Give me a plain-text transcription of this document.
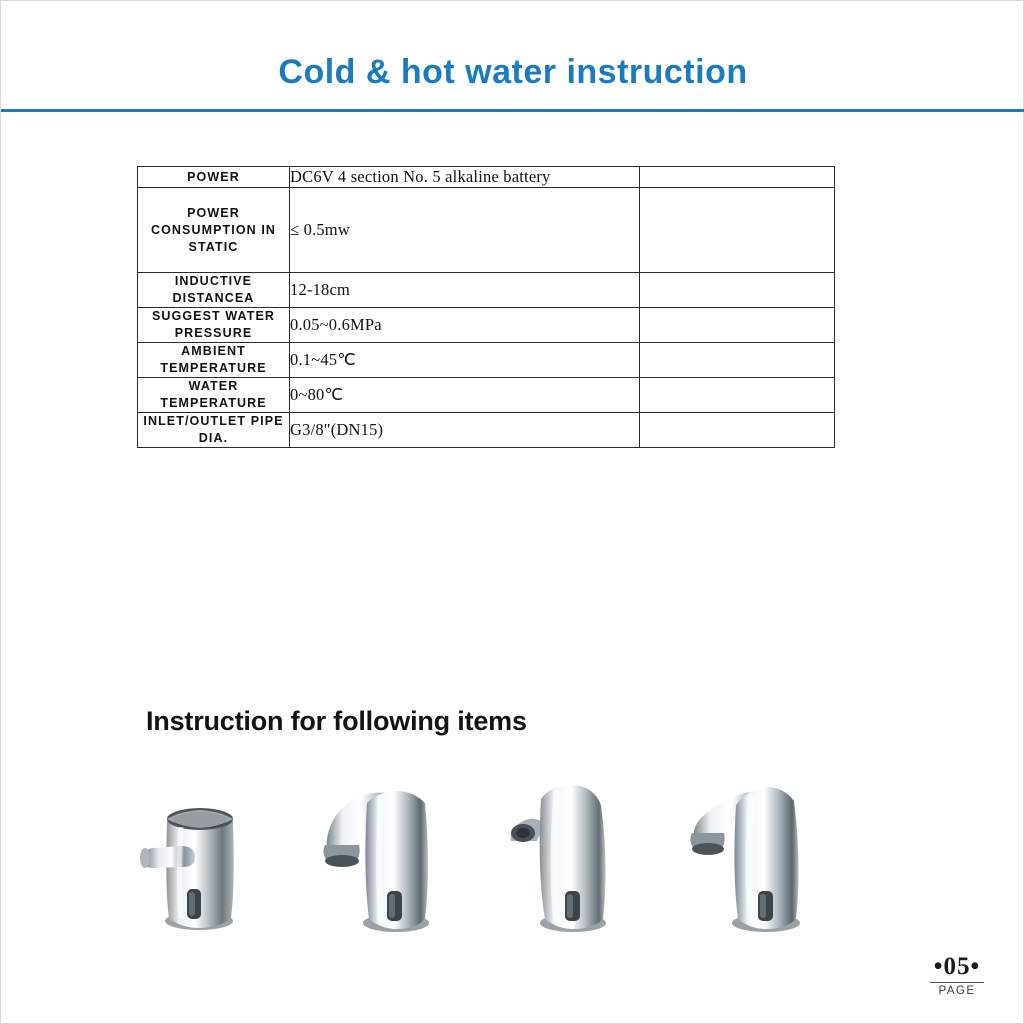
Cold & hot water instruction
POWER	DC6V 4 section No. 5 alkaline battery	
POWER CONSUMPTION IN STATIC	≤ 0.5mw	
INDUCTIVE DISTANCEA	12-18cm	
SUGGEST WATER PRESSURE	0.05~0.6MPa	
AMBIENT TEMPERATURE	0.1~45℃	
WATER TEMPERATURE	0~80℃	
INLET/OUTLET PIPE DIA.	G3/8"(DN15)	
Instruction for following items
•05•
PAGE
